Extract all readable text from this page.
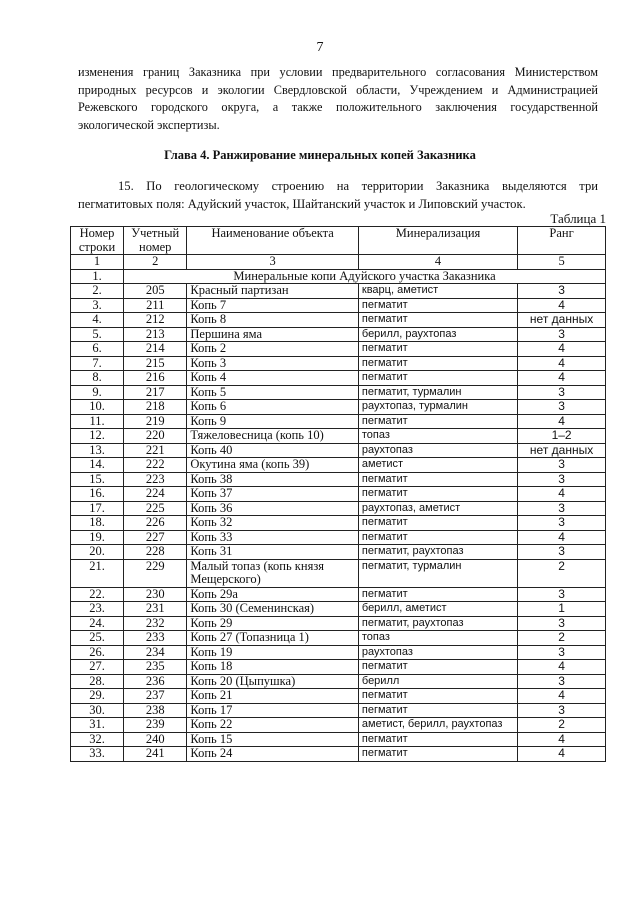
7

изменения границ Заказника при условии предварительного согласования Министерством природных ресурсов и экологии Свердловской области, Учреждением и Администрацией Режевского городского округа, а также положительного заключения государственной экологической экспертизы.

Глава 4. Ранжирование минеральных копей Заказника

15. По геологическому строению на территории Заказника выделяются три пегматитовых поля: Адуйский участок, Шайтанский участок и Липовский участок.

Таблица 1
Номер строки	Учетный номер	Наименование объекта	Минерализация	Ранг
1	2	3	4	5
1.	Минеральные копи Адуйского участка Заказника			
2.	205	Красный партизан	кварц, аметист	3
3.	211	Копь 7	пегматит	4
4.	212	Копь 8	пегматит	нет данных
5.	213	Першина яма	берилл, раухтопаз	3
6.	214	Копь 2	пегматит	4
7.	215	Копь 3	пегматит	4
8.	216	Копь 4	пегматит	4
9.	217	Копь 5	пегматит, турмалин	3
10.	218	Копь 6	раухтопаз, турмалин	3
11.	219	Копь 9	пегматит	4
12.	220	Тяжеловесница (копь 10)	топаз	1–2
13.	221	Копь 40	раухтопаз	нет данных
14.	222	Окутина яма (копь 39)	аметист	3
15.	223	Копь 38	пегматит	3
16.	224	Копь 37	пегматит	4
17.	225	Копь 36	раухтопаз, аметист	3
18.	226	Копь 32	пегматит	3
19.	227	Копь 33	пегматит	4
20.	228	Копь 31	пегматит, раухтопаз	3
21.	229	Малый топаз (копь князя Мещерского)	пегматит, турмалин	2
22.	230	Копь 29а	пегматит	3
23.	231	Копь 30 (Семенинская)	берилл, аметист	1
24.	232	Копь 29	пегматит, раухтопаз	3
25.	233	Копь 27 (Топазница 1)	топаз	2
26.	234	Копь 19	раухтопаз	3
27.	235	Копь 18	пегматит	4
28.	236	Копь 20 (Цыпушка)	берилл	3
29.	237	Копь 21	пегматит	4
30.	238	Копь 17	пегматит	3
31.	239	Копь 22	аметист, берилл, раухтопаз	2
32.	240	Копь 15	пегматит	4
33.	241	Копь 24	пегматит	4
